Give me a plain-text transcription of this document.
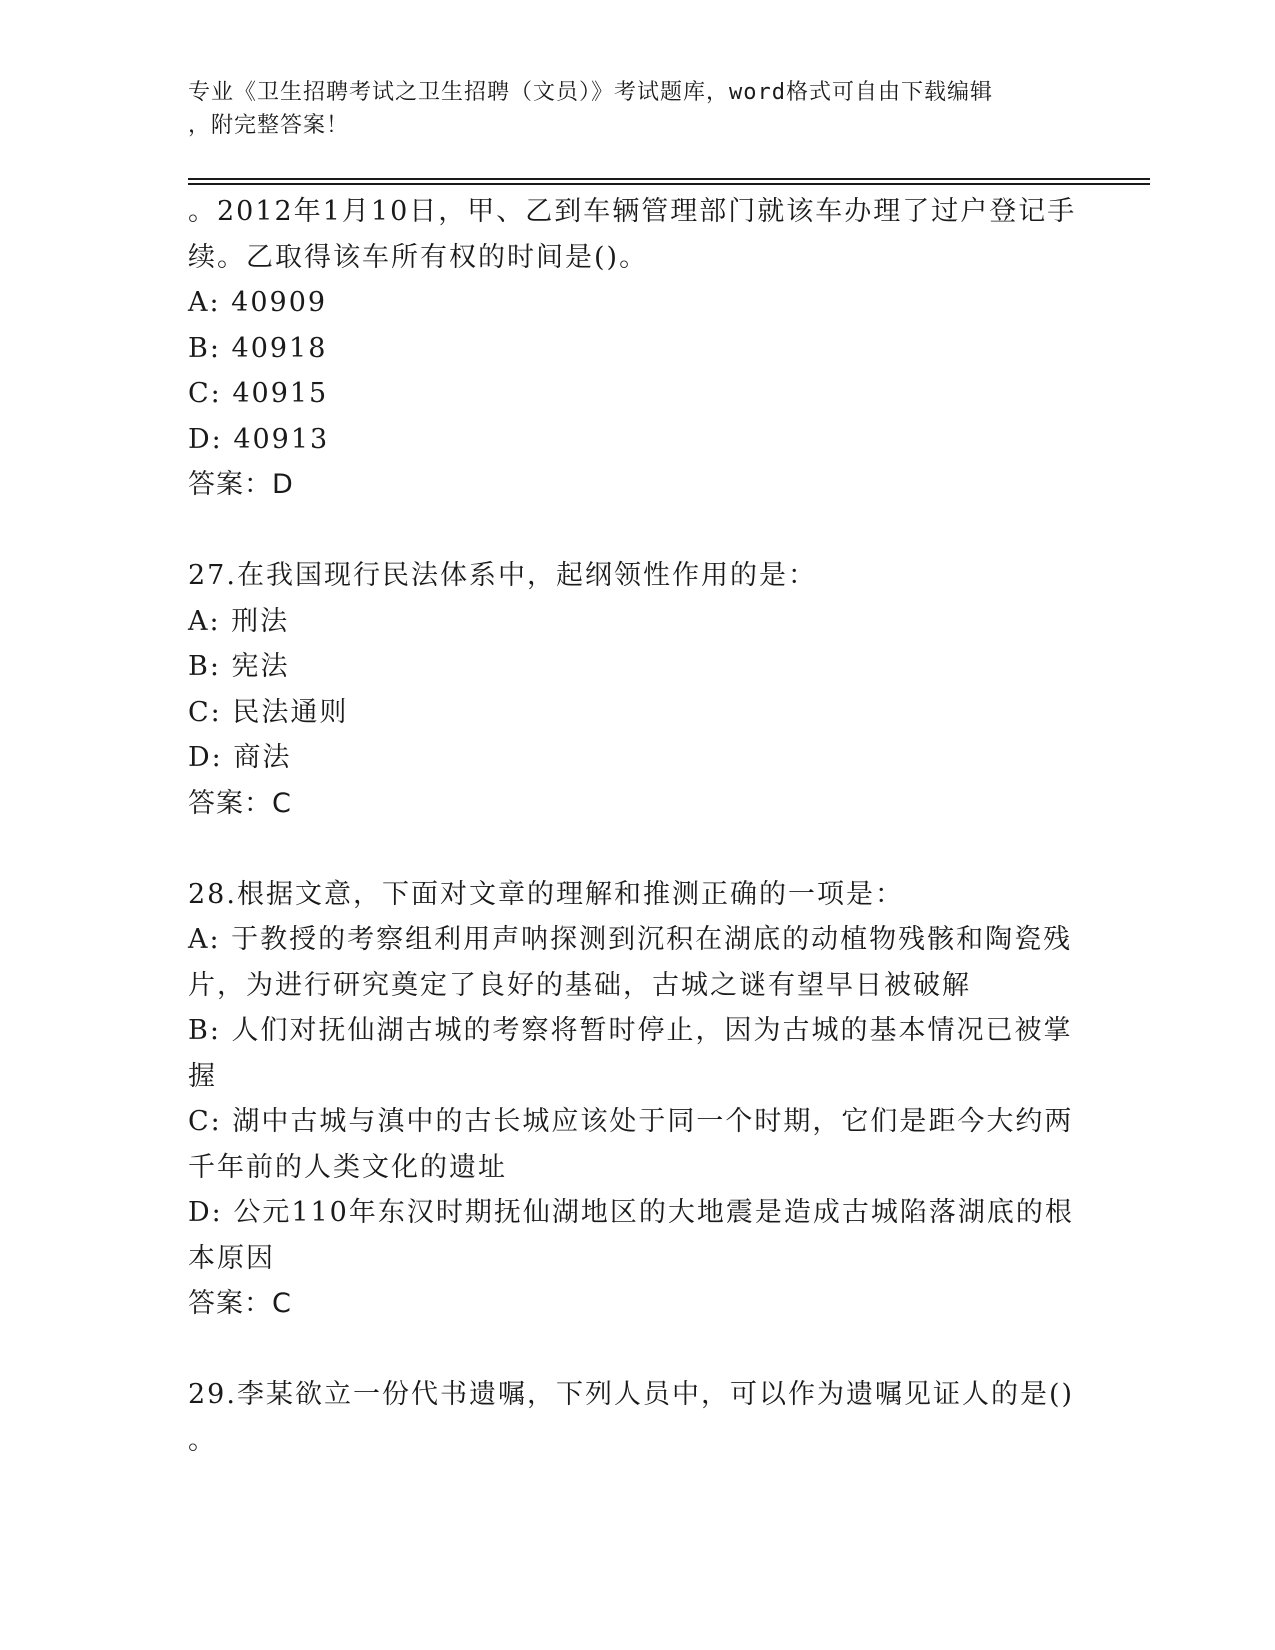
专业《卫生招聘考试之卫生招聘（文员）》考试题库，word格式可自由下载编辑
，附完整答案！

。2012年1月10日，甲、乙到车辆管理部门就该车办理了过户登记手

续。乙取得该车所有权的时间是()。

A: 40909

B: 40918

C: 40915

D: 40913

答案：D

27.在我国现行民法体系中，起纲领性作用的是：

A: 刑法

B: 宪法

C: 民法通则

D: 商法

答案：C

28.根据文意，下面对文章的理解和推测正确的一项是：

A: 于教授的考察组利用声呐探测到沉积在湖底的动植物残骸和陶瓷残

片，为进行研究奠定了良好的基础，古城之谜有望早日被破解

B: 人们对抚仙湖古城的考察将暂时停止，因为古城的基本情况已被掌

握

C: 湖中古城与滇中的古长城应该处于同一个时期，它们是距今大约两

千年前的人类文化的遗址

D: 公元110年东汉时期抚仙湖地区的大地震是造成古城陷落湖底的根

本原因

答案：C

29.李某欲立一份代书遗嘱，下列人员中，可以作为遗嘱见证人的是()

。
